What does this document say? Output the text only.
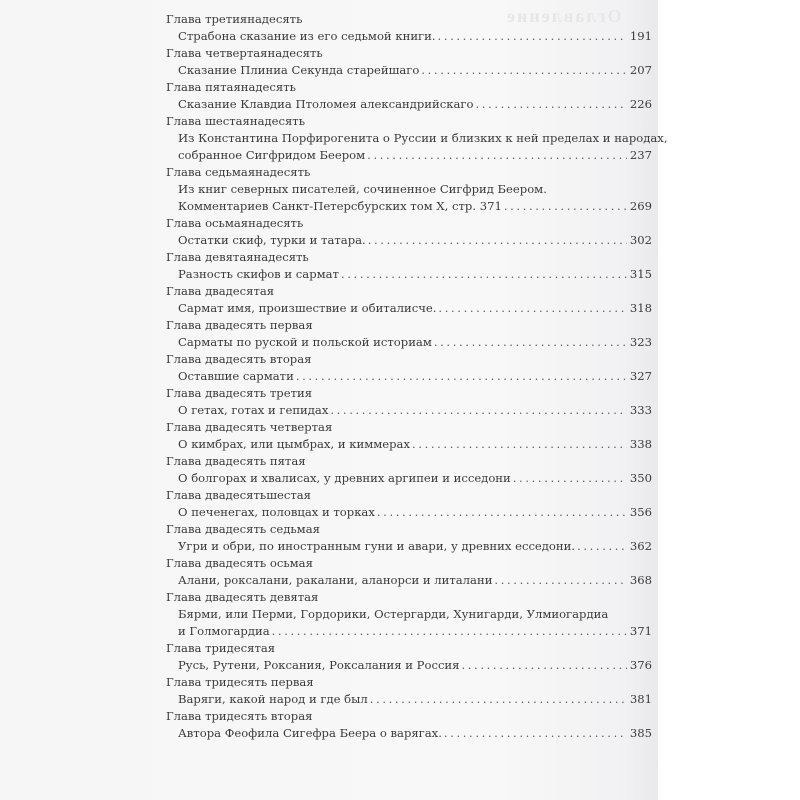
Оглавление
Глава третиянадесять
Страбона сказание из его седьмой книги. .....	191
Глава четвертаянадесять
Сказание Плиниа Секунда старейшаго .....	207
Глава пятаянадесять
Сказание Клавдиа Птоломея александрийскаго .....	226
Глава шестаянадесять
Из Константина Порфирогенита о Руссии и близких к ней пределах и народах,
собранное Сигфридом Беером .....	237
Глава седьмаянадесять
Из книг северных писателей, сочиненное Сигфрид Беером.
Комментариев Санкт-Петерсбурских том X, стр. 371 .....	269
Глава осьмаянадесять
Остатки скиф, турки и татара. .....	302
Глава девятаянадесять
Разность скифов и сармат .....	315
Глава двадесятая
Сармат имя, произшествие и обиталисче. .....	318
Глава двадесять первая
Сарматы по руской и польской историам .....	323
Глава двадесять вторая
Оставшие сармати .....	327
Глава двадесять третия
О гетах, готах и гепидах .....	333
Глава двадесять четвертая
О кимбрах, или цымбрах, и киммерах .....	338
Глава двадесять пятая
О болгорах и хвалисах, у древних аргипеи и исседони .....	350
Глава двадесятьшестая
О печенегах, половцах и торках .....	356
Глава двадесять седьмая
Угри и обри, по иностранным гуни и авари, у древних есседони. .....	362
Глава двадесять осьмая
Алани, роксалани, ракалани, аланорси и литалани .....	368
Глава двадесять девятая
Бярми, или Перми, Гордорики, Остергарди, Хунигарди, Улмиогардиа
и Голмогардиа .....	371
Глава тридесятая
Русь, Рутени, Роксания, Роксалания и Россия .....	376
Глава тридесять первая
Варяги, какой народ и где был .....	381
Глава тридесять вторая
Автора Феофила Сигефра Беера о варягах. .....	385
